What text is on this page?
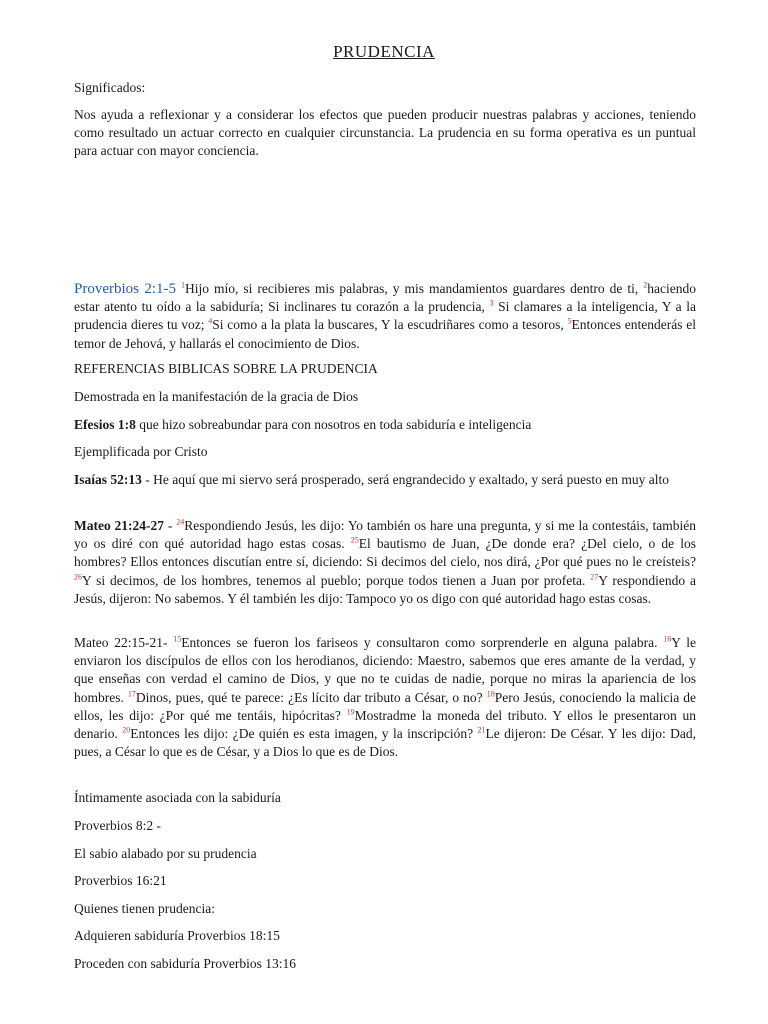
PRUDENCIA
Significados:
Nos ayuda a reflexionar y a considerar los efectos que pueden producir nuestras palabras y acciones, teniendo como resultado un actuar correcto en cualquier circunstancia. La prudencia en su forma operativa es un puntual para actuar con mayor conciencia.
Proverbios 2:1-5 $^1$Hijo mío, si recibieres mis palabras, y mis mandamientos guardares dentro de ti, $^2$haciendo estar atento tu oído a la sabiduría; Si inclinares tu corazón a la prudencia, $^3$ Si clamares a la inteligencia, Y a la prudencia dieres tu voz; $^4$Si como a la plata la buscares, Y la escudriñares como a tesoros, $^5$Entonces entenderás el temor de Jehová, y hallarás el conocimiento de Dios.
REFERENCIAS BIBLICAS SOBRE LA PRUDENCIA
Demostrada en la manifestación de la gracia de Dios
Efesios 1:8 que hizo sobreabundar para con nosotros en toda sabiduría e inteligencia
Ejemplificada por Cristo
Isaías 52:13 - He aquí que mi siervo será prosperado, será engrandecido y exaltado, y será puesto en muy alto
Mateo 21:24-27 - $^{24}$Respondiendo Jesús, les dijo: Yo también os hare una pregunta, y si me la contestáis, también yo os diré con qué autoridad hago estas cosas. $^{25}$El bautismo de Juan, ¿De donde era? ¿Del cielo, o de los hombres? Ellos entonces discutían entre sí, diciendo: Si decimos del cielo, nos dirá, ¿Por qué pues no le creísteis? $^{26}$Y si decimos, de los hombres, tenemos al pueblo; porque todos tienen a Juan por profeta. $^{27}$Y respondiendo a Jesús, dijeron: No sabemos. Y él también les dijo: Tampoco yo os digo con qué autoridad hago estas cosas.
Mateo 22:15-21- $^{15}$Entonces se fueron los fariseos y consultaron como sorprenderle en alguna palabra. $^{16}$Y le enviaron los discípulos de ellos con los herodianos, diciendo: Maestro, sabemos que eres amante de la verdad, y que enseñas con verdad el camino de Dios, y que no te cuidas de nadie, porque no miras la apariencia de los hombres. $^{17}$Dinos, pues, qué te parece: ¿Es lícito dar tributo a César, o no? $^{18}$Pero Jesús, conociendo la malicia de ellos, les dijo: ¿Por qué me tentáis, hipócritas? $^{19}$Mostradme la moneda del tributo. Y ellos le presentaron un denario. $^{20}$Entonces les dijo: ¿De quién es esta imagen, y la inscripción? $^{21}$Le dijeron: De César. Y les dijo: Dad, pues, a César lo que es de César, y a Dios lo que es de Dios.
Íntimamente asociada con la sabiduría
Proverbios 8:2 -
El sabio alabado por su prudencia
Proverbios 16:21
Quienes tienen prudencia:
Adquieren sabiduría Proverbios 18:15
Proceden con sabiduría Proverbios 13:16
